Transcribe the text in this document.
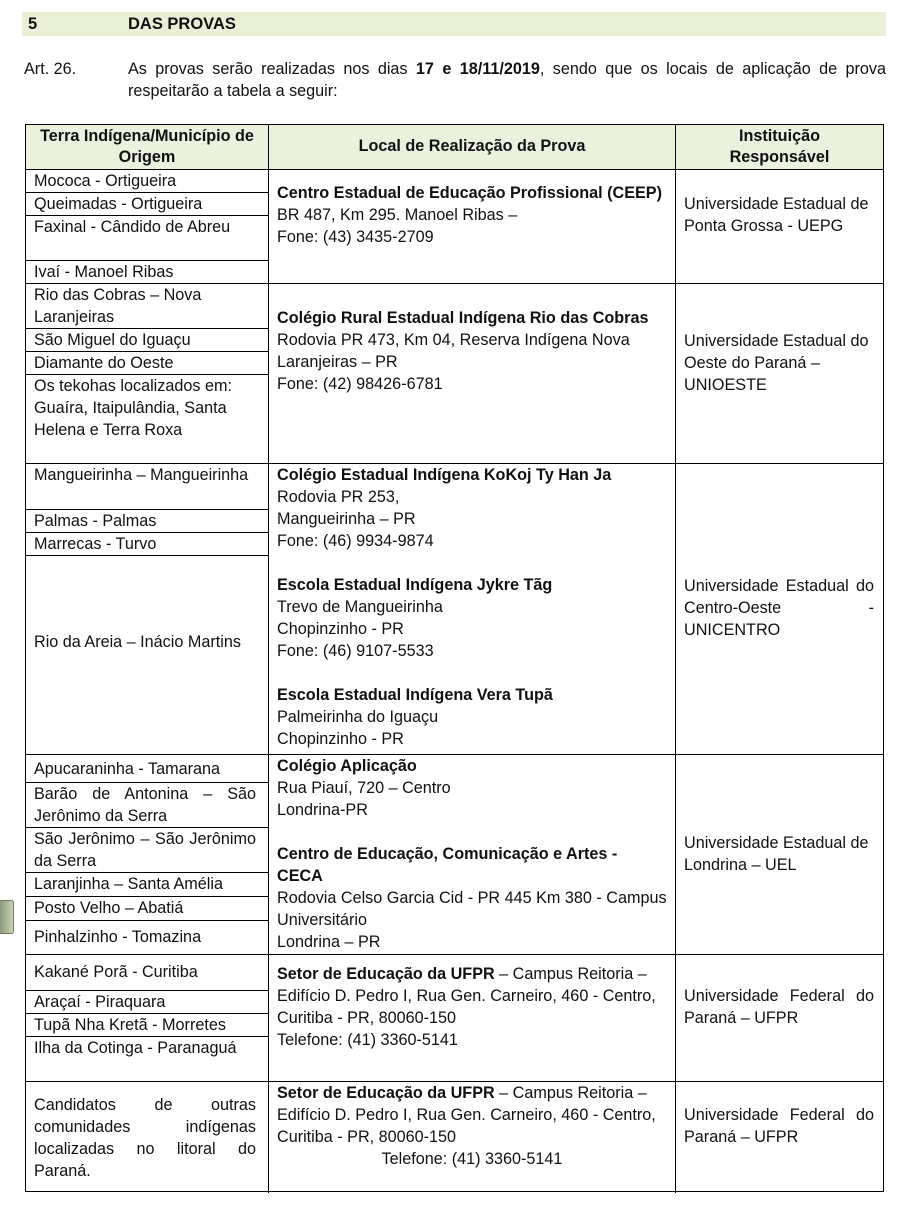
5	DAS PROVAS
Art. 26.	As provas serão realizadas nos dias 17 e 18/11/2019, sendo que os locais de aplicação de prova respeitarão a tabela a seguir:
Terra Indígena/Município de Origem
Local de Realização da Prova
Instituição Responsável
Mococa - Ortigueira
Queimadas - Ortigueira
Faxinal - Cândido de Abreu
Ivaí - Manoel Ribas
Centro Estadual de Educação Profissional (CEEP)
BR 487, Km 295. Manoel Ribas –
Fone: (43) 3435-2709
Universidade Estadual de Ponta Grossa - UEPG
Rio das Cobras – Nova Laranjeiras
São Miguel do Iguaçu
Diamante do Oeste
Os tekohas localizados em: Guaíra, Itaipulândia, Santa Helena e Terra Roxa
Colégio Rural Estadual Indígena Rio das Cobras
Rodovia PR 473, Km 04, Reserva Indígena Nova Laranjeiras – PR
Fone: (42) 98426-6781
Universidade Estadual do Oeste do Paraná – UNIOESTE
Mangueirinha – Mangueirinha
Palmas - Palmas
Marrecas - Turvo
Rio da Areia – Inácio Martins
Colégio Estadual Indígena KoKoj Ty Han Ja
Rodovia PR 253,
Mangueirinha – PR
Fone: (46) 9934-9874
Escola Estadual Indígena Jykre Tãg
Trevo de Mangueirinha
Chopinzinho - PR
Fone: (46) 9107-5533
Escola Estadual Indígena Vera Tupã
Palmeirinha do Iguaçu
Chopinzinho - PR
Universidade Estadual do Centro-Oeste - UNICENTRO
Apucaraninha - Tamarana
Barão de Antonina – São Jerônimo da Serra
São Jerônimo – São Jerônimo da Serra
Laranjinha – Santa Amélia
Posto Velho – Abatiá
Pinhalzinho - Tomazina
Colégio Aplicação
Rua Piauí, 720 – Centro
Londrina-PR
Centro de Educação, Comunicação e Artes - CECA
Rodovia Celso Garcia Cid - PR 445 Km 380 - Campus Universitário
Londrina – PR
Universidade Estadual de Londrina – UEL
Kakané Porã - Curitiba
Araçaí - Piraquara
Tupã Nha Kretã - Morretes
Ilha da Cotinga - Paranaguá
Setor de Educação da UFPR – Campus Reitoria – Edifício D. Pedro I, Rua Gen. Carneiro, 460 - Centro, Curitiba - PR, 80060-150
Telefone: (41) 3360-5141
Universidade Federal do Paraná – UFPR
Candidatos de outras comunidades indígenas localizadas no litoral do Paraná.
Setor de Educação da UFPR – Campus Reitoria – Edifício D. Pedro I, Rua Gen. Carneiro, 460 - Centro, Curitiba - PR, 80060-150
Telefone: (41) 3360-5141
Universidade Federal do Paraná – UFPR
